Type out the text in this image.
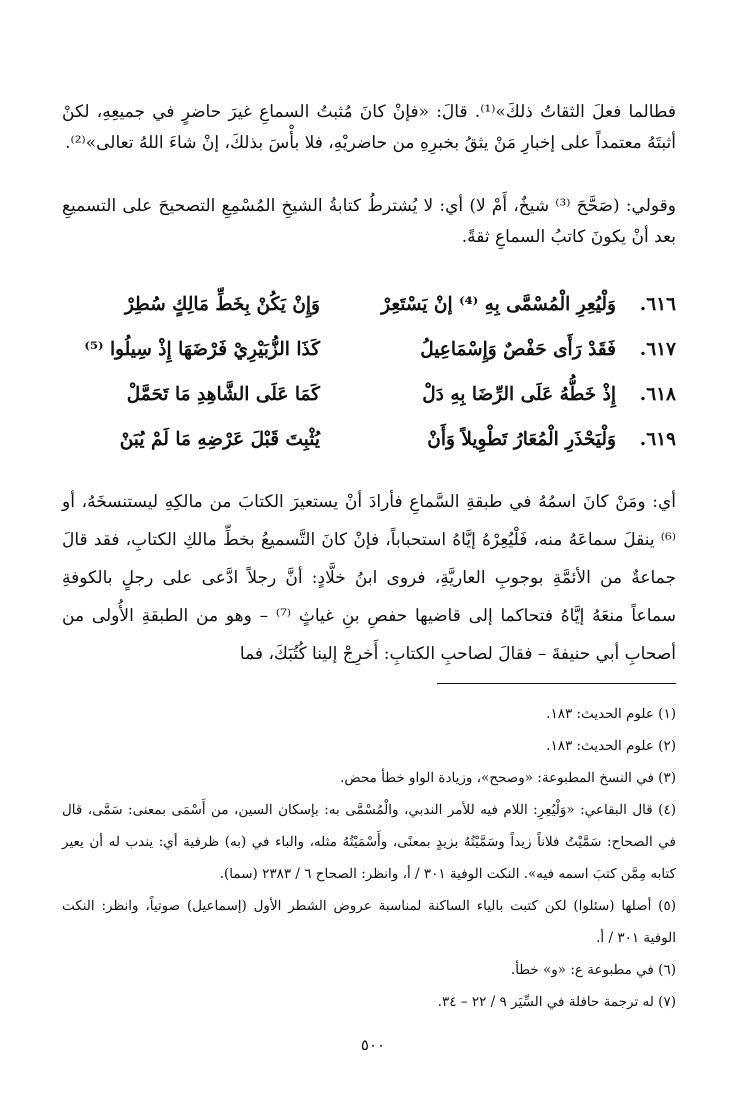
فطالما فعلَ الثقاتُ ذلكَ»⁽¹⁾. قالَ: «فإنْ كانَ مُثبتُ السماعِ غيرَ حاضرٍ في جميعِهِ، لكنْ أثبتَهُ معتمداً على إخبارِ مَنْ يثقُ بخبرِهِ من حاضريْهِ، فلا بأْسَ بذلكَ، إنْ شاءَ اللهُ تعالى»⁽²⁾.

وقولي: (صَحَّحَ ⁽³⁾ شيخٌ، أَمْ لا) أي: لا يُشترطُ كتابةُ الشيخِ المُسْمِعِ التصحيحَ على التسميعِ بعد أنْ يكونَ كاتبُ السماعِ ثقةً.

٦١٦.
وَلْيُعِرِ الْمُسْمَّى بِهِ ⁽⁴⁾ إنْ يَسْتَعِرْ
وَإِنْ يَكُنْ بِخَطِّ مَالِكٍ سُطِرْ
٦١٧.
فَقَدْ رَأَى حَفْصٌ وَإِسْمَاعِيلُ
كَذَا الزُّبَيْرِيْ فَرْضَهَا إِذْ سِيلُوا ⁽⁵⁾
٦١٨.
إِذْ خَطُّهُ عَلَى الرِّضَا بِهِ دَلْ
كَمَا عَلَى الشَّاهِدِ مَا تَحَمَّلْ
٦١٩.
وَلْيَحْذَرِ الْمُعَارُ تَطْوِيلاً وَأَنْ
يُثْبِتَ قَبْلَ عَرْضِهِ مَا لَمْ يُبَنْ

أي: ومَنْ كانَ اسمُهُ في طبقةِ السَّماعِ فأرادَ أنْ يستعيرَ الكتابَ من مالكِهِ ليستنسخَهُ، أو ⁽⁶⁾ ينقلَ سماعَهُ منه، فَلْيُعِرْهُ إيَّاهُ استحباباً، فإنْ كانَ التَّسميعُ بخطِّ مالكِ الكتابِ، فقد قالَ جماعةٌ من الأئمَّةِ بوجوبِ العاريَّةِ، فروى ابنُ خلَّادٍ: أنَّ رجلاً ادَّعى على رجلٍ بالكوفةِ سماعاً منعَهُ إيَّاهُ فتحاكما إلى قاضيها حفصِ بنِ غياثٍ ⁽⁷⁾ – وهو من الطبقةِ الأُولى من أصحابِ أبي حنيفةَ – فقالَ لصاحبِ الكتابِ: أَخرِجْ إلينا كُتُبَكَ، فما

(١) علوم الحديث: ١٨٣.
(٢) علوم الحديث: ١٨٣.
(٣) في النسخ المطبوعة: «وصحح»، وزيادة الواو خطأ محض.
(٤) قال البقاعي: «وَلْيُعِرِ: اللام فيه للأمر الندبي، والْمُسْمَّى به: بإسكان السين، من أَسْمَى بمعنى: سَمَّى، قال في الصحاح: سَمَّيْتُ فلاناً زيداً وسَمَّيْتُهُ بزيدٍ بمعنًى، وأَسْمَيْتُهُ مثله، والباء في (به) ظرفية أي: يندب له أن يعير كتابه مِمَّن كتبَ اسمه فيه». النكت الوفية ٣٠١ / أ، وانظر: الصحاح ٦ / ٢٣٨٣ (سما).
(٥) أصلها (سئلوا) لكن كتبت بالياء الساكنة لمناسبة عروض الشطر الأول (إسماعيل) صوتياً، وانظر: النكت الوفية ٣٠١ / أ.
(٦) في مطبوعة ع: «و» خطأ.
(٧) له ترجمة حافلة في السِّيَر ٩ / ٢٢ – ٣٤.
٥٠٠
